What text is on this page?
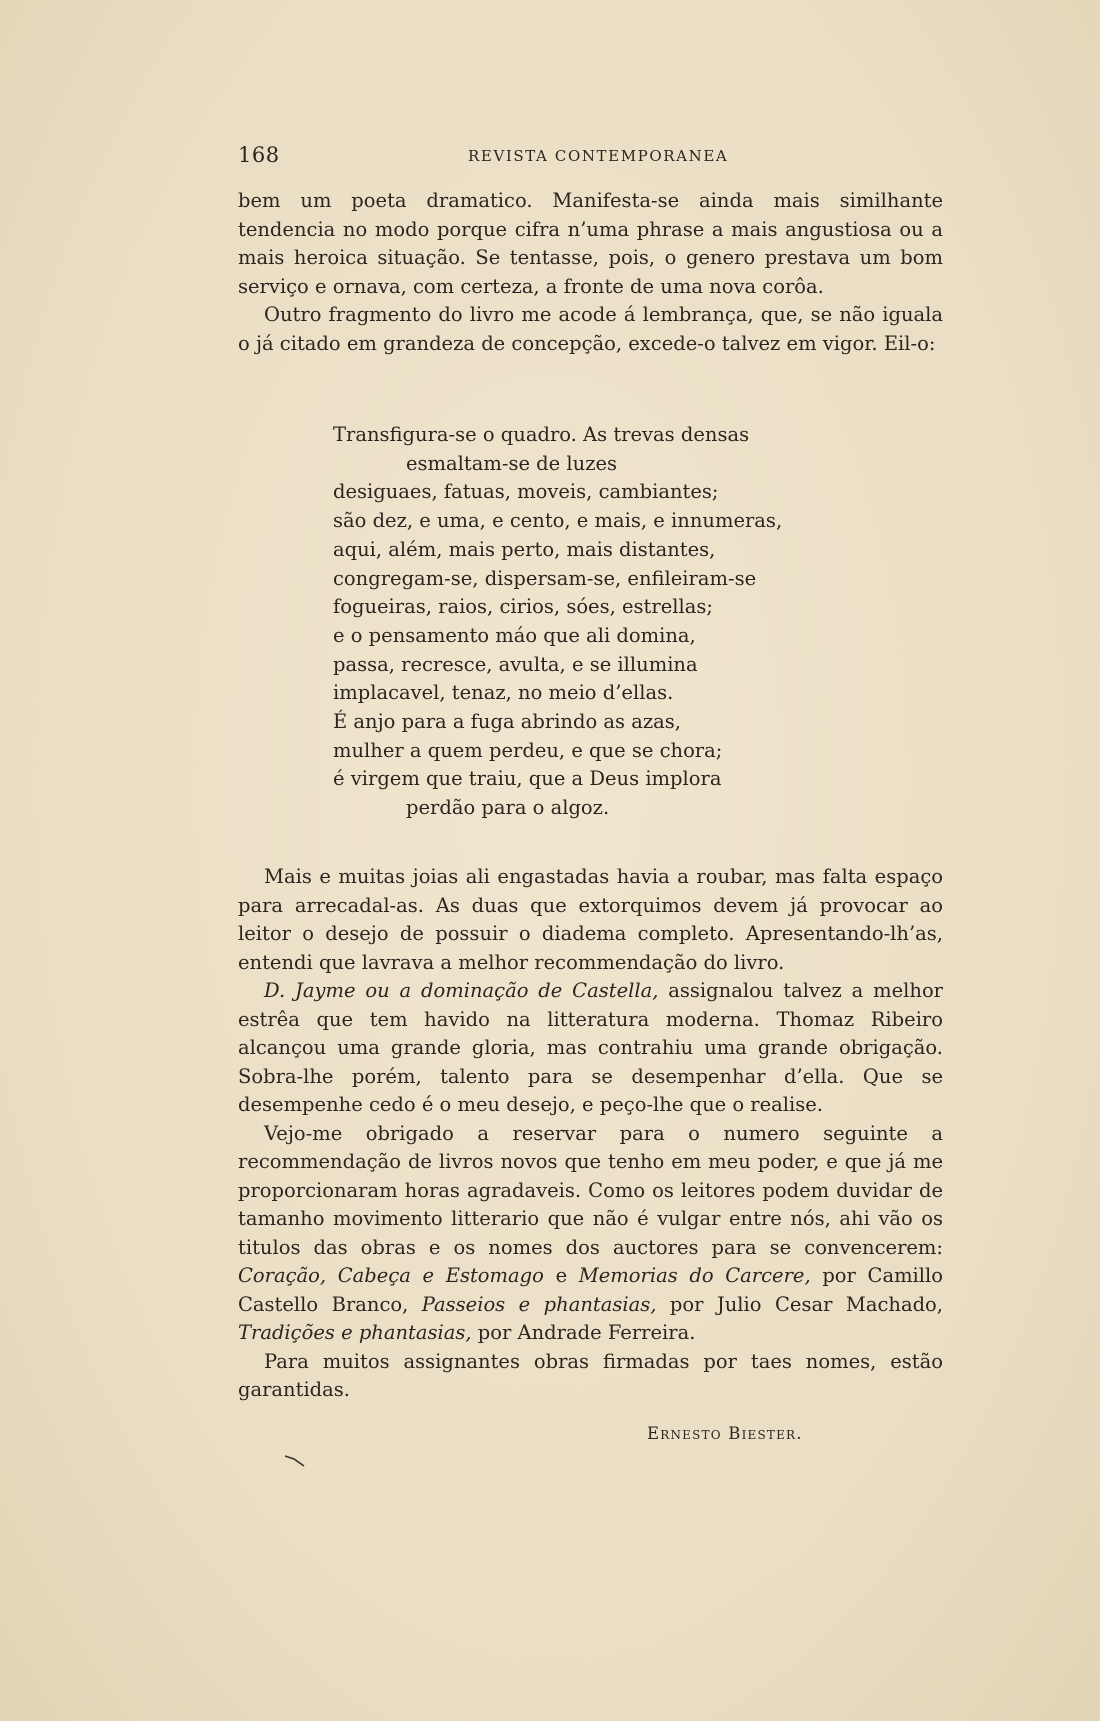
168	REVISTA CONTEMPORANEA

bem um poeta dramatico. Manifesta-se ainda mais similhante tendencia no modo porque cifra n’uma phrase a mais angustiosa ou a mais heroica situação. Se tentasse, pois, o genero prestava um bom serviço e ornava, com certeza, a fronte de uma nova corôa.

Outro fragmento do livro me acode á lembrança, que, se não iguala o já citado em grandeza de concepção, excede-o talvez em vigor. Eil-o:

Transfigura-se o quadro. As trevas densas
esmaltam-se de luzes
desiguaes, fatuas, moveis, cambiantes;
são dez, e uma, e cento, e mais, e innumeras,
aqui, além, mais perto, mais distantes,
congregam-se, dispersam-se, enfileiram-se
fogueiras, raios, cirios, sóes, estrellas;
e o pensamento máo que ali domina,
passa, recresce, avulta, e se illumina
implacavel, tenaz, no meio d’ellas.
É anjo para a fuga abrindo as azas,
mulher a quem perdeu, e que se chora;
é virgem que traiu, que a Deus implora
perdão para o algoz.

Mais e muitas joias ali engastadas havia a roubar, mas falta espaço para arrecadal-as. As duas que extorquimos devem já provocar ao leitor o desejo de possuir o diadema completo. Apresentando-lh’as, entendi que lavrava a melhor recommendação do livro.

D. Jayme ou a dominação de Castella, assignalou talvez a melhor estrêa que tem havido na litteratura moderna. Thomaz Ribeiro alcançou uma grande gloria, mas contrahiu uma grande obrigação. Sobra-lhe porém, talento para se desempenhar d’ella. Que se desempenhe cedo é o meu desejo, e peço-lhe que o realise.

Vejo-me obrigado a reservar para o numero seguinte a recommendação de livros novos que tenho em meu poder, e que já me proporcionaram horas agradaveis. Como os leitores podem duvidar de tamanho movimento litterario que não é vulgar entre nós, ahi vão os titulos das obras e os nomes dos auctores para se convencerem: Coração, Cabeça e Estomago e Memorias do Carcere, por Camillo Castello Branco, Passeios e phantasias, por Julio Cesar Machado, Tradições e phantasias, por Andrade Ferreira.

Para muitos assignantes obras firmadas por taes nomes, estão garantidas.

Ernesto Biester.
